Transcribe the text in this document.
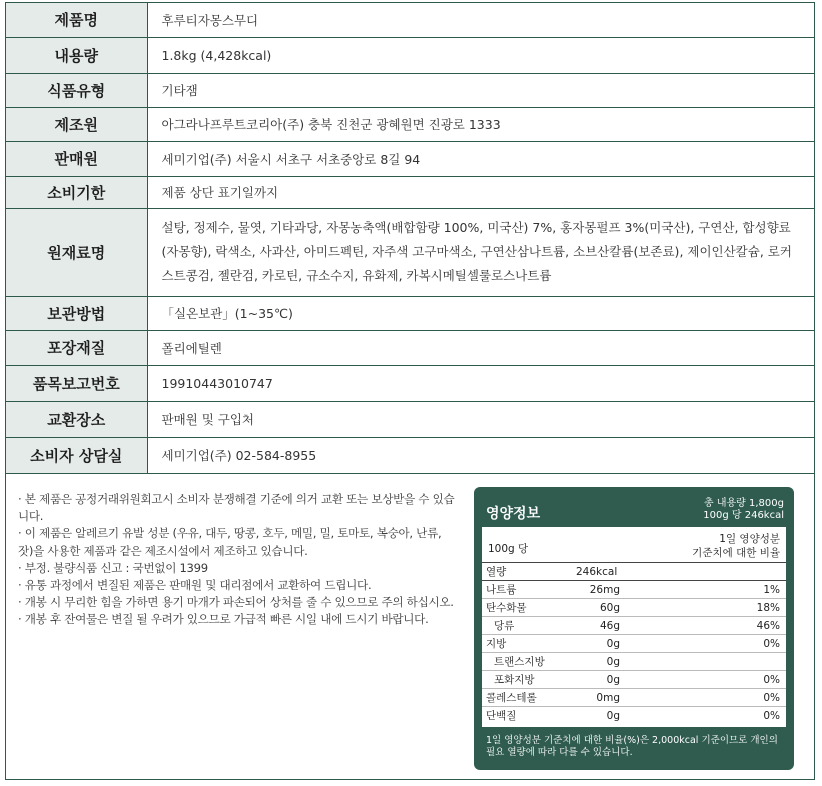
제품명	후루티자몽스무디
내용량	1.8kg (4,428kcal)
식품유형	기타잼
제조원	아그라나프루트코리아(주) 충북 진천군 광혜원면 진광로 1333
판매원	세미기업(주) 서울시 서초구 서초중앙로 8길 94
소비기한	제품 상단 표기일까지
원재료명	설탕, 정제수, 물엿, 기타과당, 자몽농축액(배합함량 100%, 미국산) 7%, 홍자몽펄프 3%(미국산), 구연산, 합성향료(자몽향), 락색소, 사과산, 아미드펙틴, 자주색 고구마색소, 구연산삼나트륨, 소브산칼륨(보존료), 제이인산칼슘, 로커스트콩검, 젤란검, 카로틴, 규소수지, 유화제, 카복시메틸셀룰로스나트륨
보관방법	「실온보관」(1~35℃)
포장재질	폴리에틸렌
품목보고번호	19910443010747
교환장소	판매원 및 구입처
소비자 상담실	세미기업(주) 02-584-8955
· 본 제품은 공정거래위원회고시 소비자 분쟁해결 기준에 의거 교환 또는 보상받을 수 있습니다.
· 이 제품은 알레르기 유발 성분 (우유, 대두, 땅콩, 호두, 메밀, 밀, 토마토, 복숭아, 난류, 잣)을 사용한 제품과 같은 제조시설에서 제조하고 있습니다.
· 부정. 불량식품 신고 : 국번없이 1399
· 유통 과정에서 변질된 제품은 판매원 및 대리점에서 교환하여 드립니다.
· 개봉 시 무리한 힘을 가하면 용기 마개가 파손되어 상처를 줄 수 있으므로 주의 하십시오.
· 개봉 후 잔여물은 변질 될 우려가 있으므로 가급적 빠른 시일 내에 드시기 바랍니다.
영양정보
총 내용량 1,800g
100g 당 246kcal
100g 당
1일 영양성분
기준치에 대한 비율
열량	246kcal
나트륨	26mg	1%
탄수화물	60g	18%
당류	46g	46%
지방	0g	0%
트랜스지방	0g
포화지방	0g	0%
콜레스테롤	0mg	0%
단백질	0g	0%
1일 영양성분 기준치에 대한 비율(%)은 2,000kcal 기준이므로 개인의 필요 열량에 따라 다를 수 있습니다.
